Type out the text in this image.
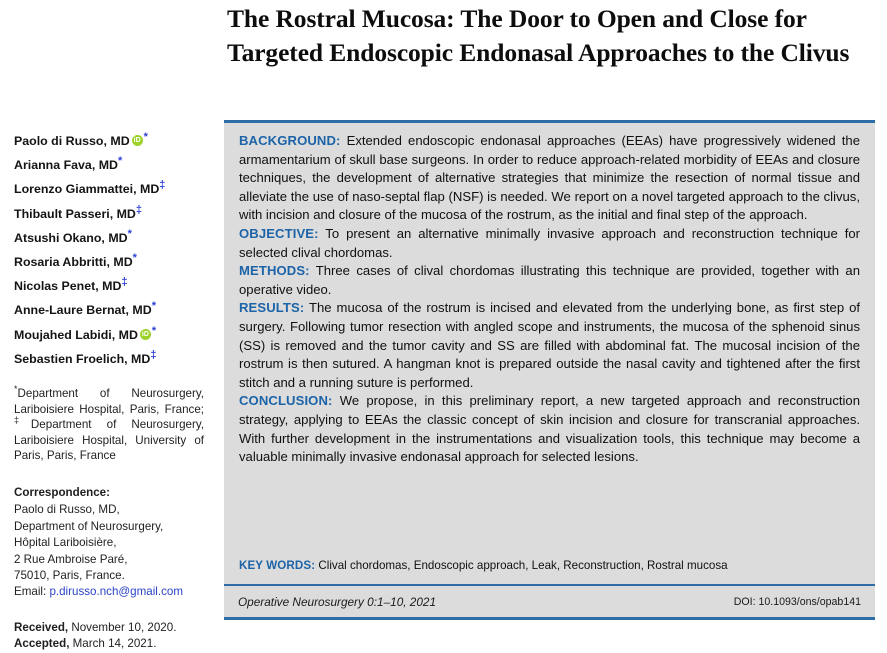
The Rostral Mucosa: The Door to Open and Close for Targeted Endoscopic Endonasal Approaches to the Clivus
Paolo di Russo, MD iD *
Arianna Fava, MD*
Lorenzo Giammattei, MD‡
Thibault Passeri, MD‡
Atsushi Okano, MD*
Rosaria Abbritti, MD*
Nicolas Penet, MD‡
Anne-Laure Bernat, MD*
Moujahed Labidi, MD iD *
Sebastien Froelich, MD‡
*Department of Neurosurgery, Lariboisiere Hospital, Paris, France; ‡Department of Neurosurgery, Lariboisiere Hospital, University of Paris, Paris, France
Correspondence:
Paolo di Russo, MD,
Department of Neurosurgery,
Hôpital Lariboisière,
2 Rue Ambroise Paré,
75010, Paris, France.
Email: p.dirusso.nch@gmail.com
Received, November 10, 2020.
Accepted, March 14, 2021.
BACKGROUND: Extended endoscopic endonasal approaches (EEAs) have progressively widened the armamentarium of skull base surgeons. In order to reduce approach-related morbidity of EEAs and closure techniques, the development of alternative strategies that minimize the resection of normal tissue and alleviate the use of naso-septal flap (NSF) is needed. We report on a novel targeted approach to the clivus, with incision and closure of the mucosa of the rostrum, as the initial and final step of the approach.
OBJECTIVE: To present an alternative minimally invasive approach and reconstruction technique for selected clival chordomas.
METHODS: Three cases of clival chordomas illustrating this technique are provided, together with an operative video.
RESULTS: The mucosa of the rostrum is incised and elevated from the underlying bone, as first step of surgery. Following tumor resection with angled scope and instruments, the mucosa of the sphenoid sinus (SS) is removed and the tumor cavity and SS are filled with abdominal fat. The mucosal incision of the rostrum is then sutured. A hangman knot is prepared outside the nasal cavity and tightened after the first stitch and a running suture is performed.
CONCLUSION: We propose, in this preliminary report, a new targeted approach and reconstruction strategy, applying to EEAs the classic concept of skin incision and closure for transcranial approaches. With further development in the instrumentations and visualization tools, this technique may become a valuable minimally invasive endonasal approach for selected lesions.
KEY WORDS: Clival chordomas, Endoscopic approach, Leak, Reconstruction, Rostral mucosa
Operative Neurosurgery 0:1–10, 2021	DOI: 10.1093/ons/opab141
